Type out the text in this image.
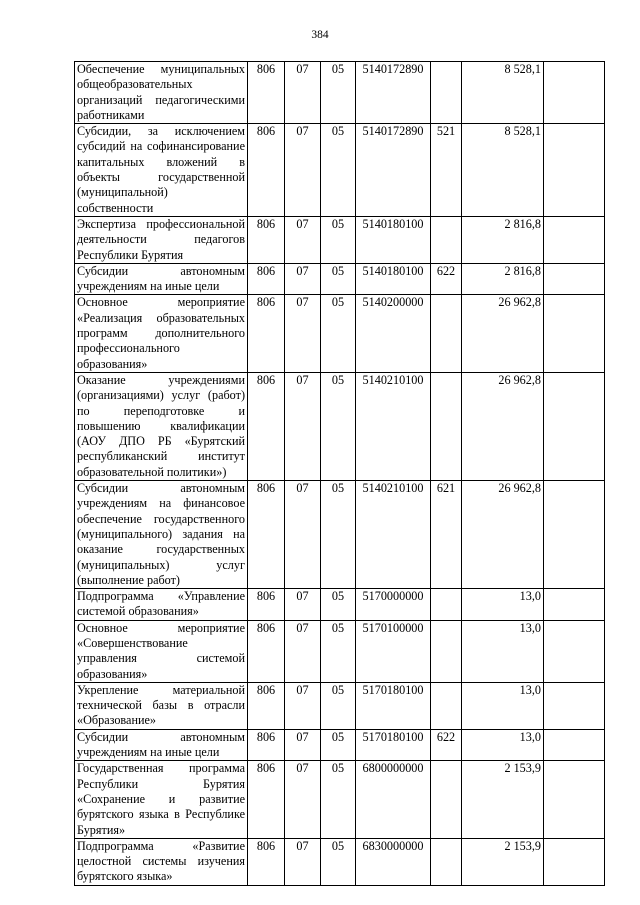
384
Обеспечение муниципальных общеобразовательных организаций педагогическими работниками	806	07	05	5140172890		8 528,1	
Субсидии, за исключением субсидий на софинансирование капитальных вложений в объекты государственной (муниципальной) собственности	806	07	05	5140172890	521	8 528,1	
Экспертиза профессиональной деятельности педагогов Республики Бурятия	806	07	05	5140180100		2 816,8	
Субсидии автономным учреждениям на иные цели	806	07	05	5140180100	622	2 816,8	
Основное мероприятие «Реализация образовательных программ дополнительного профессионального образования»	806	07	05	5140200000		26 962,8	
Оказание учреждениями (организациями) услуг (работ) по переподготовке и повышению квалификации (АОУ ДПО РБ «Бурятский республиканский институт образовательной политики»)	806	07	05	5140210100		26 962,8	
Субсидии автономным учреждениям на финансовое обеспечение государственного (муниципального) задания на оказание государственных (муниципальных) услуг (выполнение работ)	806	07	05	5140210100	621	26 962,8	
Подпрограмма «Управление системой образования»	806	07	05	5170000000		13,0	
Основное мероприятие «Совершенствование управления системой образования»	806	07	05	5170100000		13,0	
Укрепление материальной технической базы в отрасли «Образование»	806	07	05	5170180100		13,0	
Субсидии автономным учреждениям на иные цели	806	07	05	5170180100	622	13,0	
Государственная программа Республики Бурятия «Сохранение и развитие бурятского языка в Республике Бурятия»	806	07	05	6800000000		2 153,9	
Подпрограмма «Развитие целостной системы изучения бурятского языка»	806	07	05	6830000000		2 153,9	
